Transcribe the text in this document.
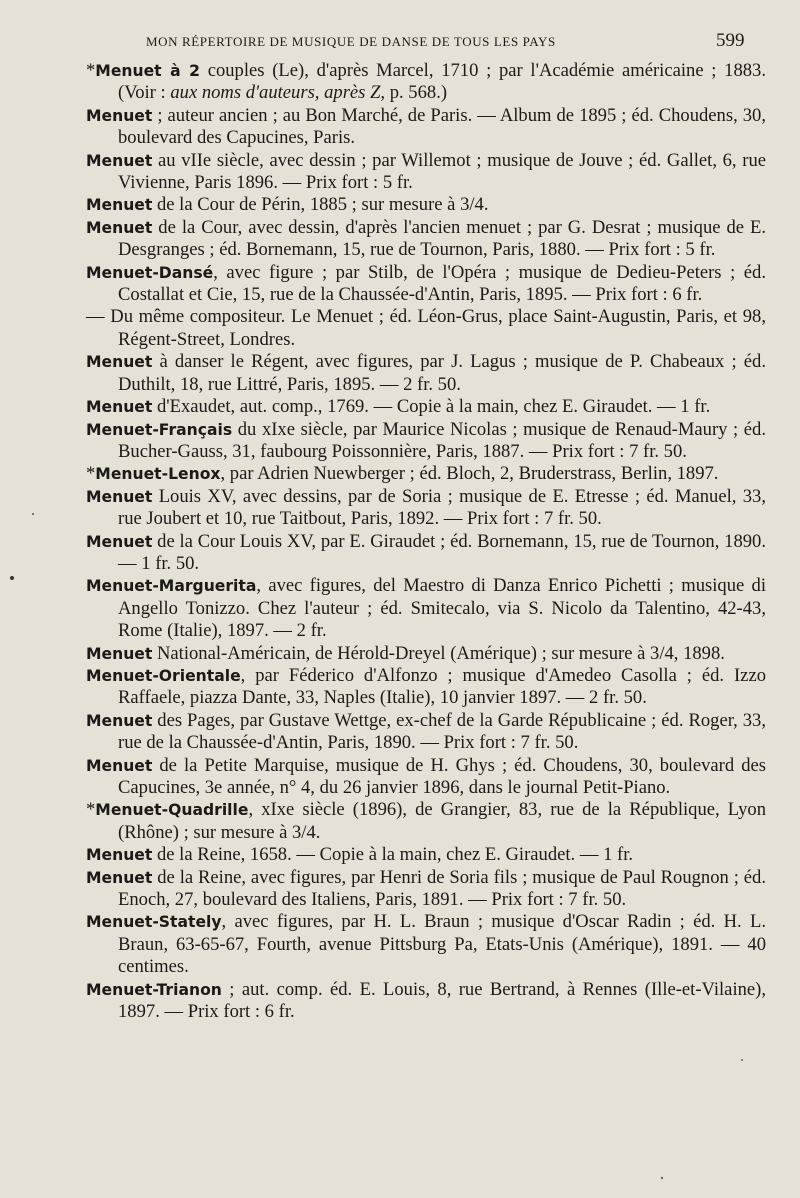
MON RÉPERTOIRE DE MUSIQUE DE DANSE DE TOUS LES PAYS	599

*Menuet à 2 couples (Le), d'après Marcel, 1710 ; par l'Académie américaine ; 1883. (Voir : aux noms d'auteurs, après Z, p. 568.)

Menuet ; auteur ancien ; au Bon Marché, de Paris. — Album de 1895 ; éd. Choudens, 30, boulevard des Capucines, Paris.

Menuet au vIIe siècle, avec dessin ; par Willemot ; musique de Jouve ; éd. Gallet, 6, rue Vivienne, Paris 1896. — Prix fort : 5 fr.

Menuet de la Cour de Périn, 1885 ; sur mesure à 3/4.

Menuet de la Cour, avec dessin, d'après l'ancien menuet ; par G. Desrat ; musique de E. Desgranges ; éd. Bornemann, 15, rue de Tournon, Paris, 1880. — Prix fort : 5 fr.

Menuet-Dansé, avec figure ; par Stilb, de l'Opéra ; musique de Dedieu-Peters ; éd. Costallat et Cie, 15, rue de la Chaussée-d'Antin, Paris, 1895. — Prix fort : 6 fr.

— Du même compositeur. Le Menuet ; éd. Léon-Grus, place Saint-Augustin, Paris, et 98, Régent-Street, Londres.

Menuet à danser le Régent, avec figures, par J. Lagus ; musique de P. Chabeaux ; éd. Duthilt, 18, rue Littré, Paris, 1895. — 2 fr. 50.

Menuet d'Exaudet, aut. comp., 1769. — Copie à la main, chez E. Giraudet. — 1 fr.

Menuet-Français du xIxe siècle, par Maurice Nicolas ; musique de Renaud-Maury ; éd. Bucher-Gauss, 31, faubourg Poissonnière, Paris, 1887. — Prix fort : 7 fr. 50.

*Menuet-Lenox, par Adrien Nuewberger ; éd. Bloch, 2, Bruderstrass, Berlin, 1897.

Menuet Louis XV, avec dessins, par de Soria ; musique de E. Etresse ; éd. Manuel, 33, rue Joubert et 10, rue Taitbout, Paris, 1892. — Prix fort : 7 fr. 50.

Menuet de la Cour Louis XV, par E. Giraudet ; éd. Bornemann, 15, rue de Tournon, 1890. — 1 fr. 50.

Menuet-Marguerita, avec figures, del Maestro di Danza Enrico Pichetti ; musique di Angello Tonizzo. Chez l'auteur ; éd. Smitecalo, via S. Nicolo da Talentino, 42-43, Rome (Italie), 1897. — 2 fr.

Menuet National-Américain, de Hérold-Dreyel (Amérique) ; sur mesure à 3/4, 1898.

Menuet-Orientale, par Féderico d'Alfonzo ; musique d'Amedeo Casolla ; éd. Izzo Raffaele, piazza Dante, 33, Naples (Italie), 10 janvier 1897. — 2 fr. 50.

Menuet des Pages, par Gustave Wettge, ex-chef de la Garde Républicaine ; éd. Roger, 33, rue de la Chaussée-d'Antin, Paris, 1890. — Prix fort : 7 fr. 50.

Menuet de la Petite Marquise, musique de H. Ghys ; éd. Choudens, 30, boulevard des Capucines, 3e année, n° 4, du 26 janvier 1896, dans le journal Petit-Piano.

*Menuet-Quadrille, xIxe siècle (1896), de Grangier, 83, rue de la République, Lyon (Rhône) ; sur mesure à 3/4.

Menuet de la Reine, 1658. — Copie à la main, chez E. Giraudet. — 1 fr.

Menuet de la Reine, avec figures, par Henri de Soria fils ; musique de Paul Rougnon ; éd. Enoch, 27, boulevard des Italiens, Paris, 1891. — Prix fort : 7 fr. 50.

Menuet-Stately, avec figures, par H. L. Braun ; musique d'Oscar Radin ; éd. H. L. Braun, 63-65-67, Fourth, avenue Pittsburg Pa, Etats-Unis (Amérique), 1891. — 40 centimes.

Menuet-Trianon ; aut. comp. éd. E. Louis, 8, rue Bertrand, à Rennes (Ille-et-Vilaine), 1897. — Prix fort : 6 fr.
